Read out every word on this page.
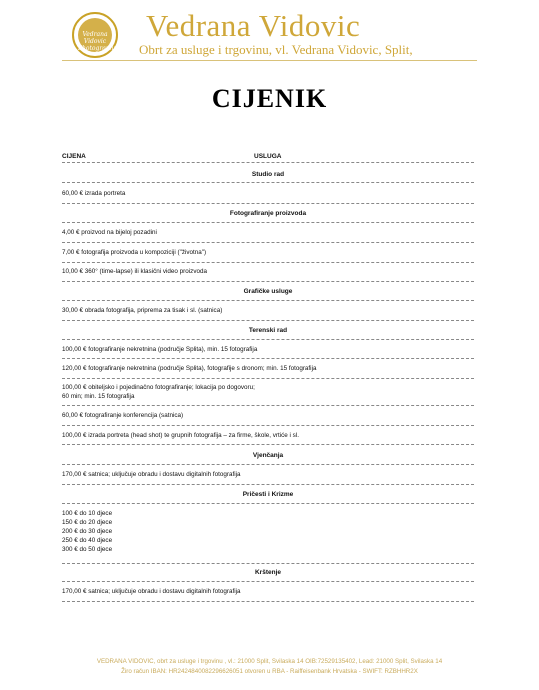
Vedrana Vidovic Photography
Vedrana Vidovic
Obrt za usluge i trgovinu, vl. Vedrana Vidovic, Split,
CIJENIK
CIJENA	USLUGA
Studio rad
60,00 € izrada portreta
Fotografiranje proizvoda
4,00 € proizvod na bijeloj pozadini
7,00 € fotografija proizvoda u kompoziciji ("životna")
10,00 € 360° (time-lapse) ili klasični video proizvoda
Grafičke usluge
30,00 € obrada fotografija, priprema za tisak i sl. (satnica)
Terenski rad
100,00 € fotografiranje nekretnina (područje Splita), min. 15 fotografija
120,00 € fotografiranje nekretnina (područje Splita), fotografije s dronom; min. 15 fotografija
100,00 € obiteljsko i pojedinačno fotografiranje; lokacija po dogovoru; 60 min; min. 15 fotografija
60,00 € fotografiranje konferencija (satnica)
100,00 € izrada portreta (head shot) te grupnih fotografija – za firme, škole, vrtiće i sl.
Vjenčanja
170,00 € satnica; uključuje obradu i dostavu digitalnih fotografija
Pričesti i Krizme
100 € do 10 djece
150 € do 20 djece
200 € do 30 djece
250 € do 40 djece
300 € do 50 djece
Krštenje
170,00 € satnica; uključuje obradu i dostavu digitalnih fotografija
VEDRANA VIDOVIC, obrt za usluge i trgovinu , vl.: 21000 Split, Svilaska 14 OIB:72529135402, Lead: 21000 Split, Svilaska 14
Žiro račun IBAN: HR2424840082296626051 otvoren u RBA - Raiffeisenbank Hrvatska - SWIFT: RZBHHR2X
